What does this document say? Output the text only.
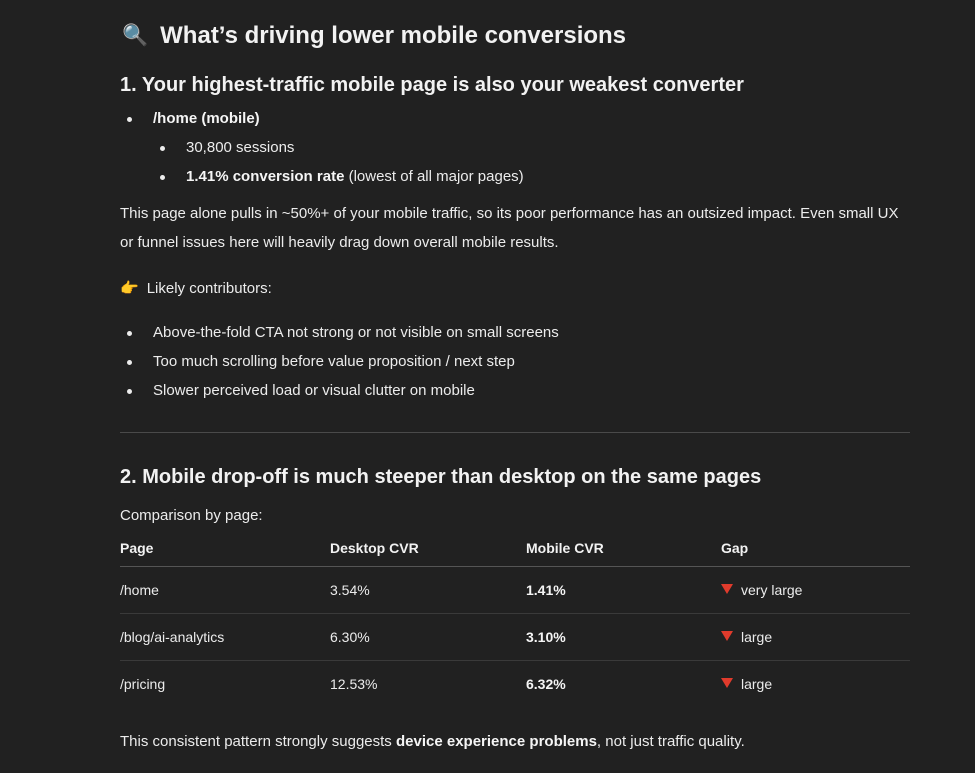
🔍 What’s driving lower mobile conversions
1. Your highest-traffic mobile page is also your weakest converter
/home (mobile)
30,800 sessions
1.41% conversion rate (lowest of all major pages)
This page alone pulls in ~50%+ of your mobile traffic, so its poor performance has an outsized impact. Even small UX or funnel issues here will heavily drag down overall mobile results.
👉 Likely contributors:
Above-the-fold CTA not strong or not visible on small screens
Too much scrolling before value proposition / next step
Slower perceived load or visual clutter on mobile
2. Mobile drop-off is much steeper than desktop on the same pages
Comparison by page:
Page	Desktop CVR	Mobile CVR	Gap
/home	3.54%	1.41%	very large
/blog/ai-analytics	6.30%	3.10%	large
/pricing	12.53%	6.32%	large
This consistent pattern strongly suggests device experience problems, not just traffic quality.
